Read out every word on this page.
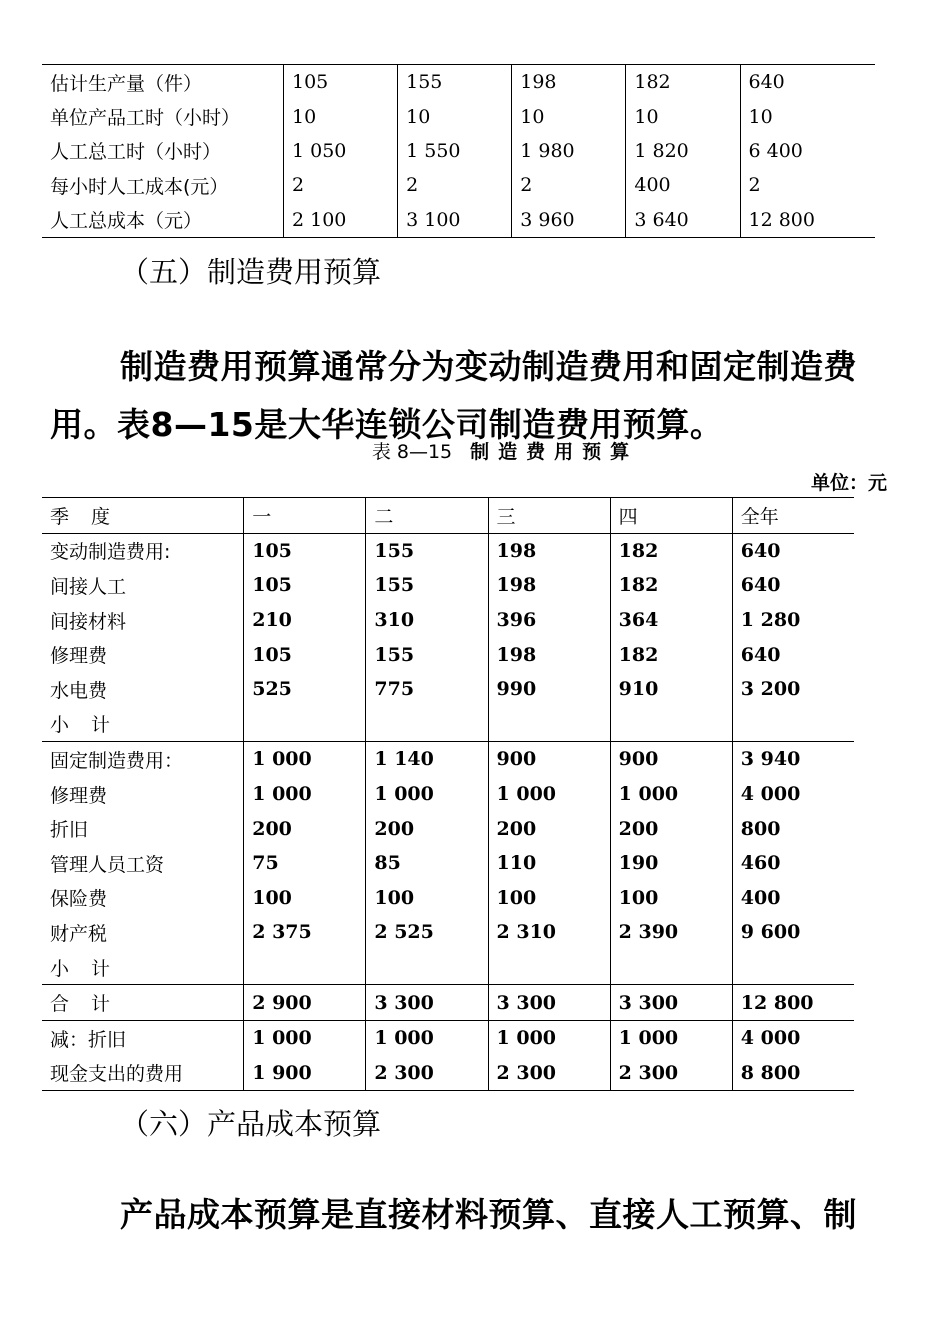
估计生产量（件）	105	155	198	182	640
单位产品工时（小时）	10	10	10	10	10
人工总工时（小时）	1 050	1 550	1 980	1 820	6 400
每小时人工成本(元）	2	2	2	400	2
人工总成本（元）	2 100	3 100	3 960	3 640	12 800
（五）制造费用预算

制造费用预算通常分为变动制造费用和固定制造费用。表8—15是大华连锁公司制造费用预算。

表 8—15 制造费用预算
单位：元
季 度	一	二	三	四	全年
变动制造费用:	105	155	198	182	640
间接人工	105	155	198	182	640
间接材料	210	310	396	364	1 280
修理费	105	155	198	182	640
水电费	525	775	990	910	3 200
小 计					
固定制造费用：	1 000	1 140	900	900	3 940
修理费	1 000	1 000	1 000	1 000	4 000
折旧	200	200	200	200	800
管理人员工资	75	85	110	190	460
保险费	100	100	100	100	400
财产税	2 375	2 525	2 310	2 390	9 600
小 计					
合 计	2 900	3 300	3 300	3 300	12 800
减：折旧	1 000	1 000	1 000	1 000	4 000
现金支出的费用	1 900	2 300	2 300	2 300	8 800
（六）产品成本预算

产品成本预算是直接材料预算、直接人工预算、制
